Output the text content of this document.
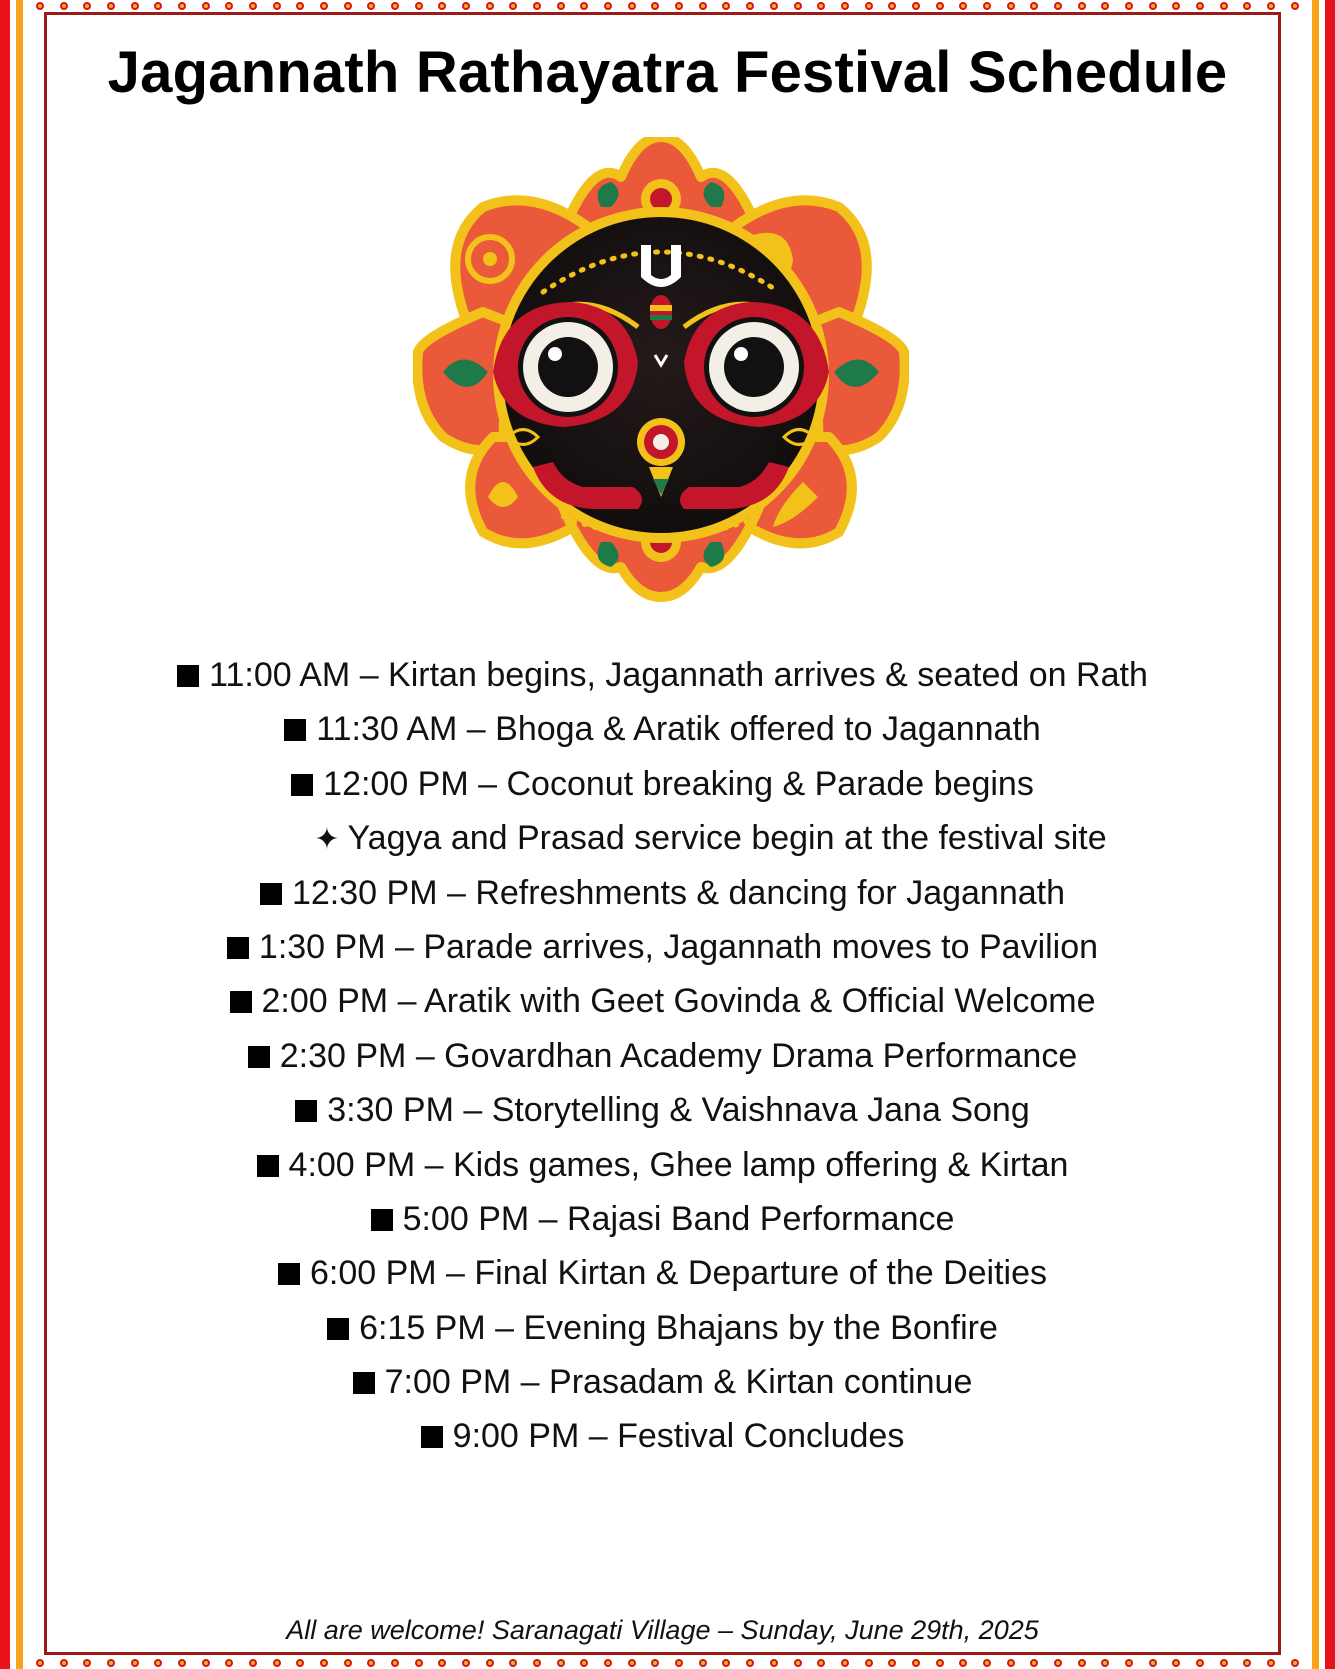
Jagannath Rathayatra Festival Schedule
11:00 AM – Kirtan begins, Jagannath arrives & seated on Rath
11:30 AM – Bhoga & Aratik offered to Jagannath
12:00 PM – Coconut breaking & Parade begins
✦ Yagya and Prasad service begin at the festival site
12:30 PM – Refreshments & dancing for Jagannath
1:30 PM – Parade arrives, Jagannath moves to Pavilion
2:00 PM – Aratik with Geet Govinda & Official Welcome
2:30 PM – Govardhan Academy Drama Performance
3:30 PM – Storytelling & Vaishnava Jana Song
4:00 PM – Kids games, Ghee lamp offering & Kirtan
5:00 PM – Rajasi Band Performance
6:00 PM – Final Kirtan & Departure of the Deities
6:15 PM – Evening Bhajans by the Bonfire
7:00 PM – Prasadam & Kirtan continue
9:00 PM – Festival Concludes

All are welcome! Saranagati Village – Sunday, June 29th, 2025
